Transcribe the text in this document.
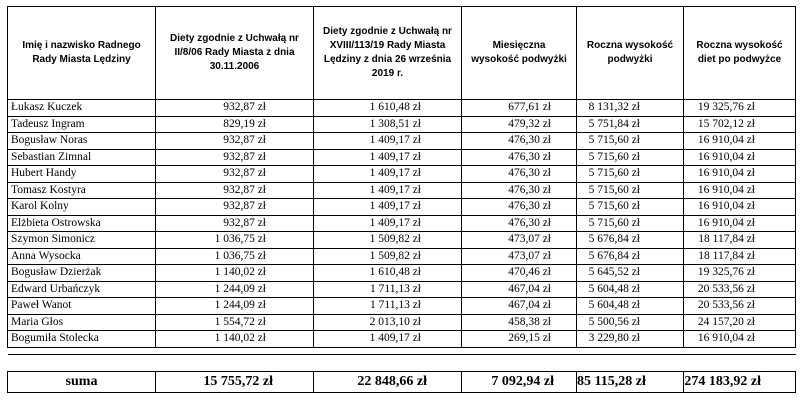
Imię i nazwisko Radnego Rady Miasta Lędziny	Diety zgodnie z Uchwałą nr II/8/06 Rady Miasta z dnia 30.11.2006	Diety zgodnie z Uchwałą nr XVIII/113/19 Rady Miasta Lędziny z dnia 26 września 2019 r.	Miesięczna wysokość podwyżki	Roczna wysokość podwyżki	Roczna wysokość diet po podwyżce
Łukasz Kuczek	932,87 zł	1 610,48 zł	677,61 zł	8 131,32 zł	19 325,76 zł
Tadeusz Ingram	829,19 zł	1 308,51 zł	479,32 zł	5 751,84 zł	15 702,12 zł
Bogusław Noras	932,87 zł	1 409,17 zł	476,30 zł	5 715,60 zł	16 910,04 zł
Sebastian Zimnal	932,87 zł	1 409,17 zł	476,30 zł	5 715,60 zł	16 910,04 zł
Hubert Handy	932,87 zł	1 409,17 zł	476,30 zł	5 715,60 zł	16 910,04 zł
Tomasz Kostyra	932,87 zł	1 409,17 zł	476,30 zł	5 715,60 zł	16 910,04 zł
Karol Kolny	932,87 zł	1 409,17 zł	476,30 zł	5 715,60 zł	16 910,04 zł
Elżbieta Ostrowska	932,87 zł	1 409,17 zł	476,30 zł	5 715,60 zł	16 910,04 zł
Szymon Simonicz	1 036,75 zł	1 509,82 zł	473,07 zł	5 676,84 zł	18 117,84 zł
Anna Wysocka	1 036,75 zł	1 509,82 zł	473,07 zł	5 676,84 zł	18 117,84 zł
Bogusław Dzierżak	1 140,02 zł	1 610,48 zł	470,46 zł	5 645,52 zł	19 325,76 zł
Edward Urbańczyk	1 244,09 zł	1 711,13 zł	467,04 zł	5 604,48 zł	20 533,56 zł
Paweł Wanot	1 244,09 zł	1 711,13 zł	467,04 zł	5 604,48 zł	20 533,56 zł
Maria Głos	1 554,72 zł	2 013,10 zł	458,38 zł	5 500,56 zł	24 157,20 zł
Bogumiła Stolecka	1 140,02 zł	1 409,17 zł	269,15 zł	3 229,80 zł	16 910,04 zł

suma	15 755,72 zł	22 848,66 zł	7 092,94 zł	85 115,28 zł	274 183,92 zł
